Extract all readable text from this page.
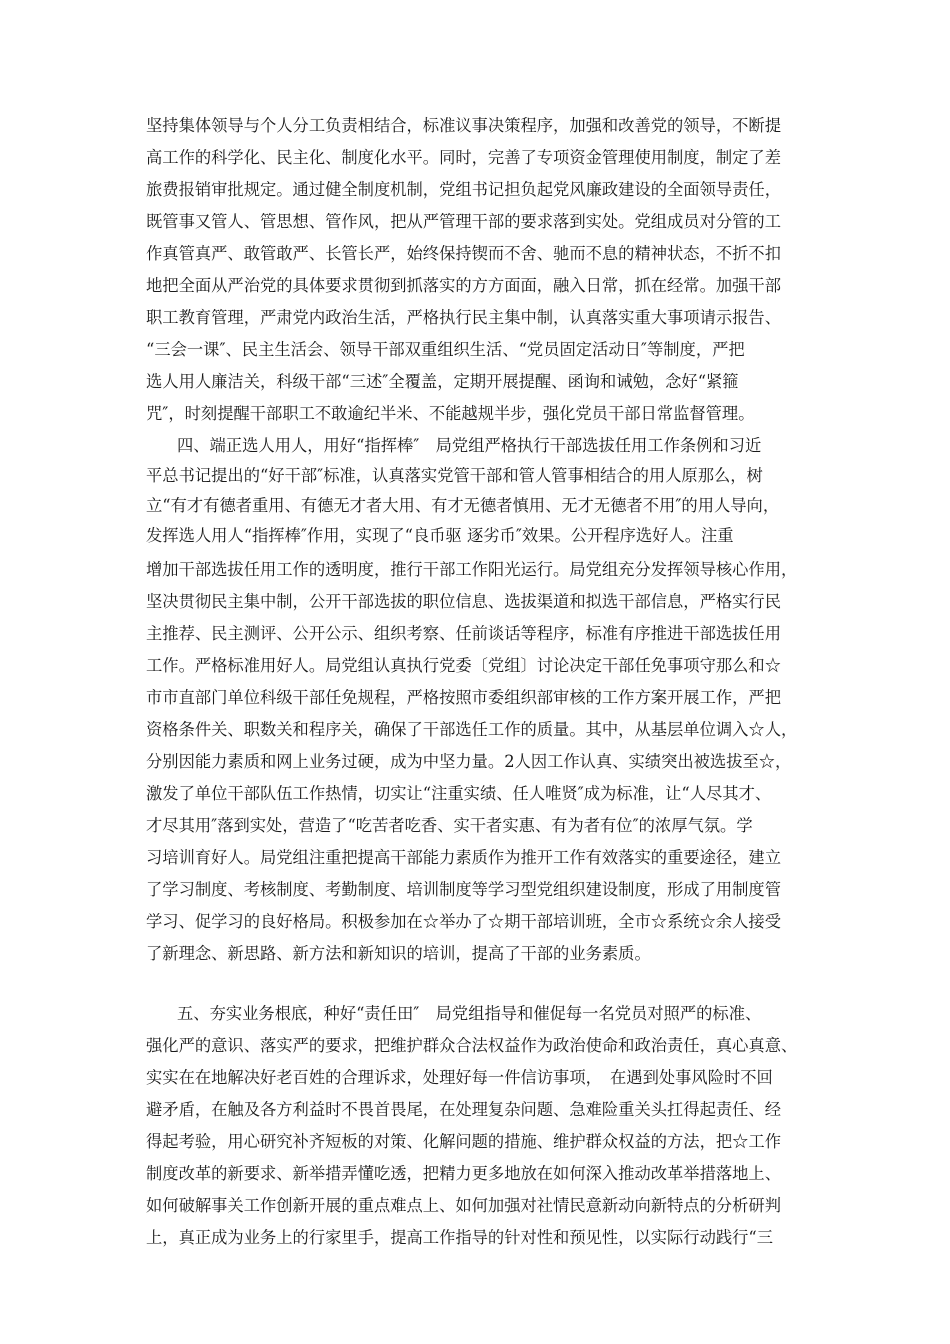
坚持集体领导与个人分工负责相结合，标准议事决策程序，加强和改善党的领导，不断提
高工作的科学化、民主化、制度化水平。同时，完善了专项资金管理使用制度，制定了差
旅费报销审批规定。通过健全制度机制，党组书记担负起党风廉政建设的全面领导责任，
既管事又管人、管思想、管作风，把从严管理干部的要求落到实处。党组成员对分管的工
作真管真严、敢管敢严、长管长严，始终保持锲而不舍、驰而不息的精神状态，不折不扣
地把全面从严治党的具体要求贯彻到抓落实的方方面面，融入日常，抓在经常。加强干部
职工教育管理，严肃党内政治生活，严格执行民主集中制，认真落实重大事项请示报告、
“三会一课″、民主生活会、领导干部双重组织生活、“党员固定活动日″等制度，严把
选人用人廉洁关，科级干部“三述″全覆盖，定期开展提醒、函询和诫勉，念好“紧箍
咒″，时刻提醒干部职工不敢逾纪半米、不能越规半步，强化党员干部日常监督管理。
四、端正选人用人，用好“指挥棒″　局党组严格执行干部选拔任用工作条例和习近
平总书记提出的“好干部″标准，认真落实党管干部和管人管事相结合的用人原那么，树
立“有才有德者重用、有德无才者大用、有才无德者慎用、无才无德者不用″的用人导向，
发挥选人用人“指挥棒″作用，实现了“良币驱 逐劣币″效果。公开程序选好人。注重
增加干部选拔任用工作的透明度，推行干部工作阳光运行。局党组充分发挥领导核心作用，
坚决贯彻民主集中制，公开干部选拔的职位信息、选拔渠道和拟选干部信息，严格实行民
主推荐、民主测评、公开公示、组织考察、任前谈话等程序，标准有序推进干部选拔任用
工作。严格标准用好人。局党组认真执行党委〔党组〕讨论决定干部任免事项守那么和☆
市市直部门单位科级干部任免规程，严格按照市委组织部审核的工作方案开展工作，严把
资格条件关、职数关和程序关，确保了干部选任工作的质量。其中，从基层单位调入☆人，
分别因能力素质和网上业务过硬，成为中坚力量。2人因工作认真、实绩突出被选拔至☆，
激发了单位干部队伍工作热情，切实让“注重实绩、任人唯贤″成为标准，让“人尽其才、
才尽其用″落到实处，营造了“吃苦者吃香、实干者实惠、有为者有位″的浓厚气氛。学
习培训育好人。局党组注重把提高干部能力素质作为推开工作有效落实的重要途径，建立
了学习制度、考核制度、考勤制度、培训制度等学习型党组织建设制度，形成了用制度管
学习、促学习的良好格局。积极参加在☆举办了☆期干部培训班，全市☆系统☆余人接受
了新理念、新思路、新方法和新知识的培训，提高了干部的业务素质。
五、夯实业务根底，种好“责任田″　局党组指导和催促每一名党员对照严的标准、
强化严的意识、落实严的要求，把维护群众合法权益作为政治使命和政治责任，真心真意、
实实在在地解决好老百姓的合理诉求，处理好每一件信访事项，　在遇到处事风险时不回
避矛盾，在触及各方利益时不畏首畏尾，在处理复杂问题、急难险重关头扛得起责任、经
得起考验，用心研究补齐短板的对策、化解问题的措施、维护群众权益的方法，把☆工作
制度改革的新要求、新举措弄懂吃透，把精力更多地放在如何深入推动改革举措落地上、
如何破解事关工作创新开展的重点难点上、如何加强对社情民意新动向新特点的分析研判
上，真正成为业务上的行家里手，提高工作指导的针对性和预见性，以实际行动践行“三
